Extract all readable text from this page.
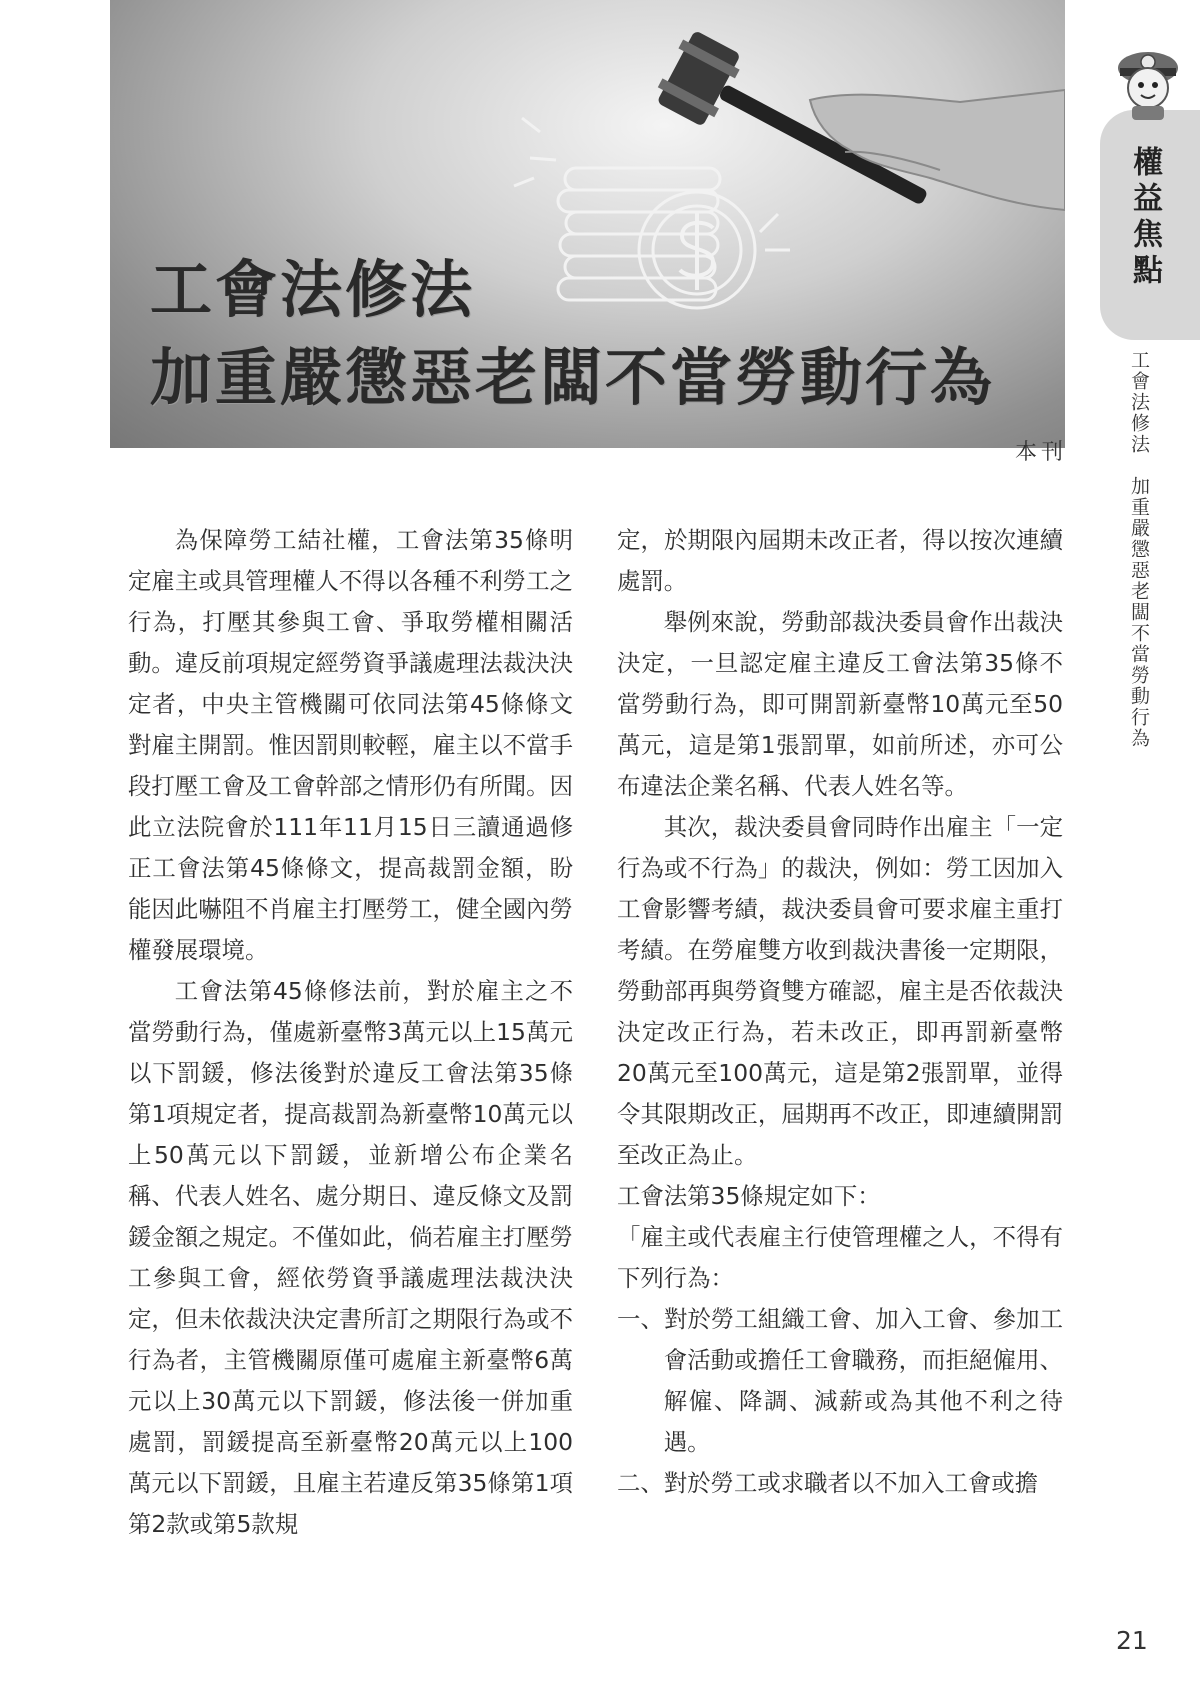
工會法修法
加重嚴懲惡老闆不當勞動行為
本刊

為保障勞工結社權，工會法第35條明定雇主或具管理權人不得以各種不利勞工之行為，打壓其參與工會、爭取勞權相關活動。違反前項規定經勞資爭議處理法裁決決定者，中央主管機關可依同法第45條條文對雇主開罰。惟因罰則較輕，雇主以不當手段打壓工會及工會幹部之情形仍有所聞。因此立法院會於111年11月15日三讀通過修正工會法第45條條文，提高裁罰金額，盼能因此嚇阻不肖雇主打壓勞工，健全國內勞權發展環境。

工會法第45條修法前，對於雇主之不當勞動行為，僅處新臺幣3萬元以上15萬元以下罰鍰，修法後對於違反工會法第35條第1項規定者，提高裁罰為新臺幣10萬元以上50萬元以下罰鍰，並新增公布企業名稱、代表人姓名、處分期日、違反條文及罰鍰金額之規定。不僅如此，倘若雇主打壓勞工參與工會，經依勞資爭議處理法裁決決定，但未依裁決決定書所訂之期限行為或不行為者，主管機關原僅可處雇主新臺幣6萬元以上30萬元以下罰鍰，修法後一併加重處罰，罰鍰提高至新臺幣20萬元以上100萬元以下罰鍰，且雇主若違反第35條第1項第2款或第5款規

定，於期限內屆期未改正者，得以按次連續處罰。

舉例來說，勞動部裁決委員會作出裁決決定，一旦認定雇主違反工會法第35條不當勞動行為，即可開罰新臺幣10萬元至50萬元，這是第1張罰單，如前所述，亦可公布違法企業名稱、代表人姓名等。

其次，裁決委員會同時作出雇主「一定行為或不行為」的裁決，例如：勞工因加入工會影響考績，裁決委員會可要求雇主重打考績。在勞雇雙方收到裁決書後一定期限，勞動部再與勞資雙方確認，雇主是否依裁決決定改正行為，若未改正，即再罰新臺幣20萬元至100萬元，這是第2張罰單，並得令其限期改正，屆期再不改正，即連續開罰至改正為止。

工會法第35條規定如下：

「雇主或代表雇主行使管理權之人，不得有下列行為：

一、對於勞工組織工會、加入工會、參加工會活動或擔任工會職務，而拒絕僱用、解僱、降調、減薪或為其他不利之待遇。

二、對於勞工或求職者以不加入工會或擔

權益焦點
工會法修法　加重嚴懲惡老闆不當勞動行為
21
